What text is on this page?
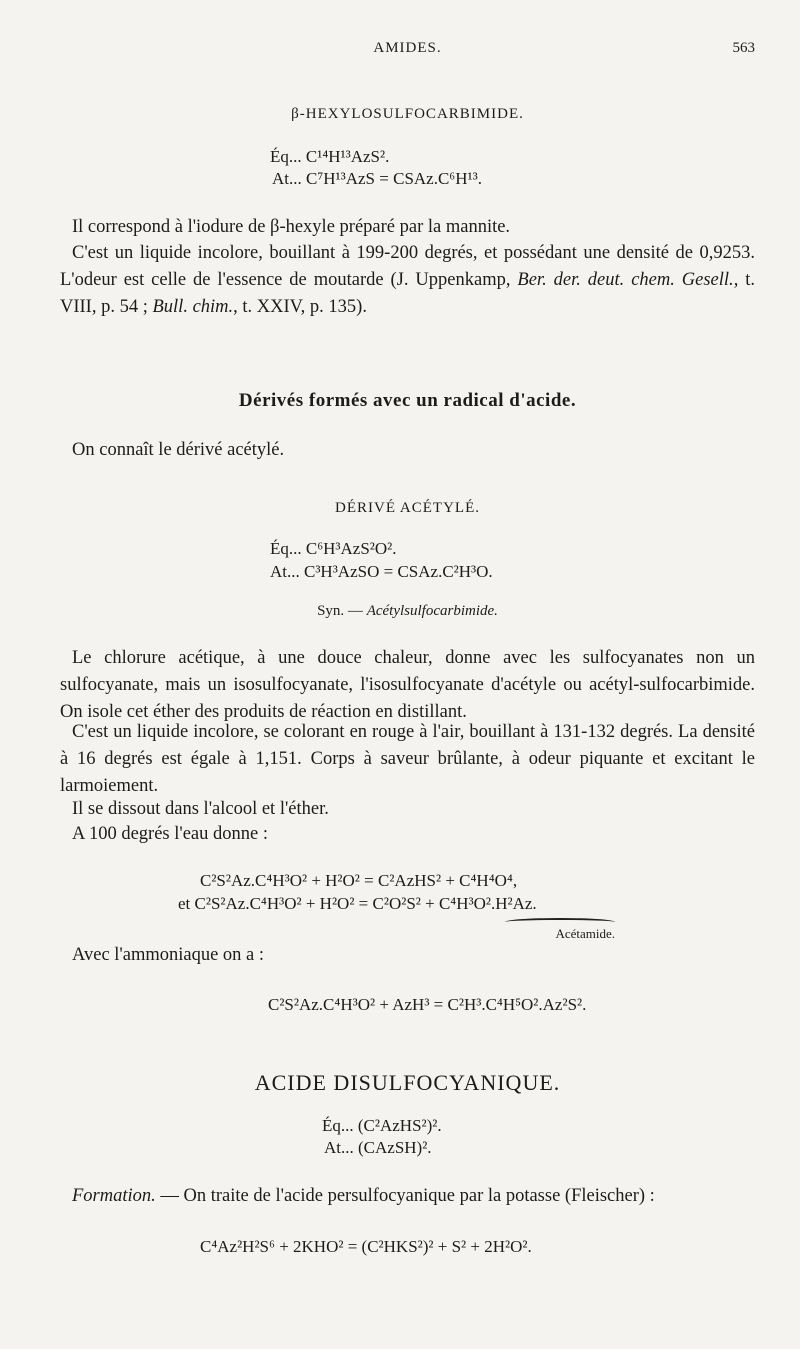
AMIDES.	563
β-HEXYLOSULFOCARBIMIDE.
Éq... C¹⁴H¹³AzS².
At... C⁷H¹³AzS = CSAz.C⁶H¹³.
Il correspond à l'iodure de β-hexyle préparé par la mannite.
C'est un liquide incolore, bouillant à 199-200 degrés, et possédant une densité de 0,9253. L'odeur est celle de l'essence de moutarde (J. Uppenkamp, Ber. der. deut. chem. Gesell., t. VIII, p. 54 ; Bull. chim., t. XXIV, p. 135).
Dérivés formés avec un radical d'acide.
On connaît le dérivé acétylé.
DÉRIVÉ ACÉTYLÉ.
Éq... C⁶H³AzS²O².
At... C³H³AzSO = CSAz.C²H³O.
Syn. — Acétylsulfocarbimide.
Le chlorure acétique, à une douce chaleur, donne avec les sulfocyanates non un sulfocyanate, mais un isosulfocyanate, l'isosulfocyanate d'acétyle ou acétyl-sulfocarbimide. On isole cet éther des produits de réaction en distillant.
C'est un liquide incolore, se colorant en rouge à l'air, bouillant à 131-132 degrés. La densité à 16 degrés est égale à 1,151. Corps à saveur brûlante, à odeur piquante et excitant le larmoiement.
Il se dissout dans l'alcool et l'éther.
A 100 degrés l'eau donne :
C²S²Az.C⁴H³O² + H²O² = C²AzHS² + C⁴H⁴O⁴,
et C²S²Az.C⁴H³O² + H²O² = C²O²S² + C⁴H³O².H²Az.
Acétamide.
Avec l'ammoniaque on a :
C²S²Az.C⁴H³O² + AzH³ = C²H³.C⁴H⁵O².Az²S².
ACIDE DISULFOCYANIQUE.
Éq... (C²AzHS²)².
At... (CAzSH)².
Formation. — On traite de l'acide persulfocyanique par la potasse (Fleischer) :
C⁴Az²H²S⁶ + 2KHO² = (C²HKS²)² + S² + 2H²O².
